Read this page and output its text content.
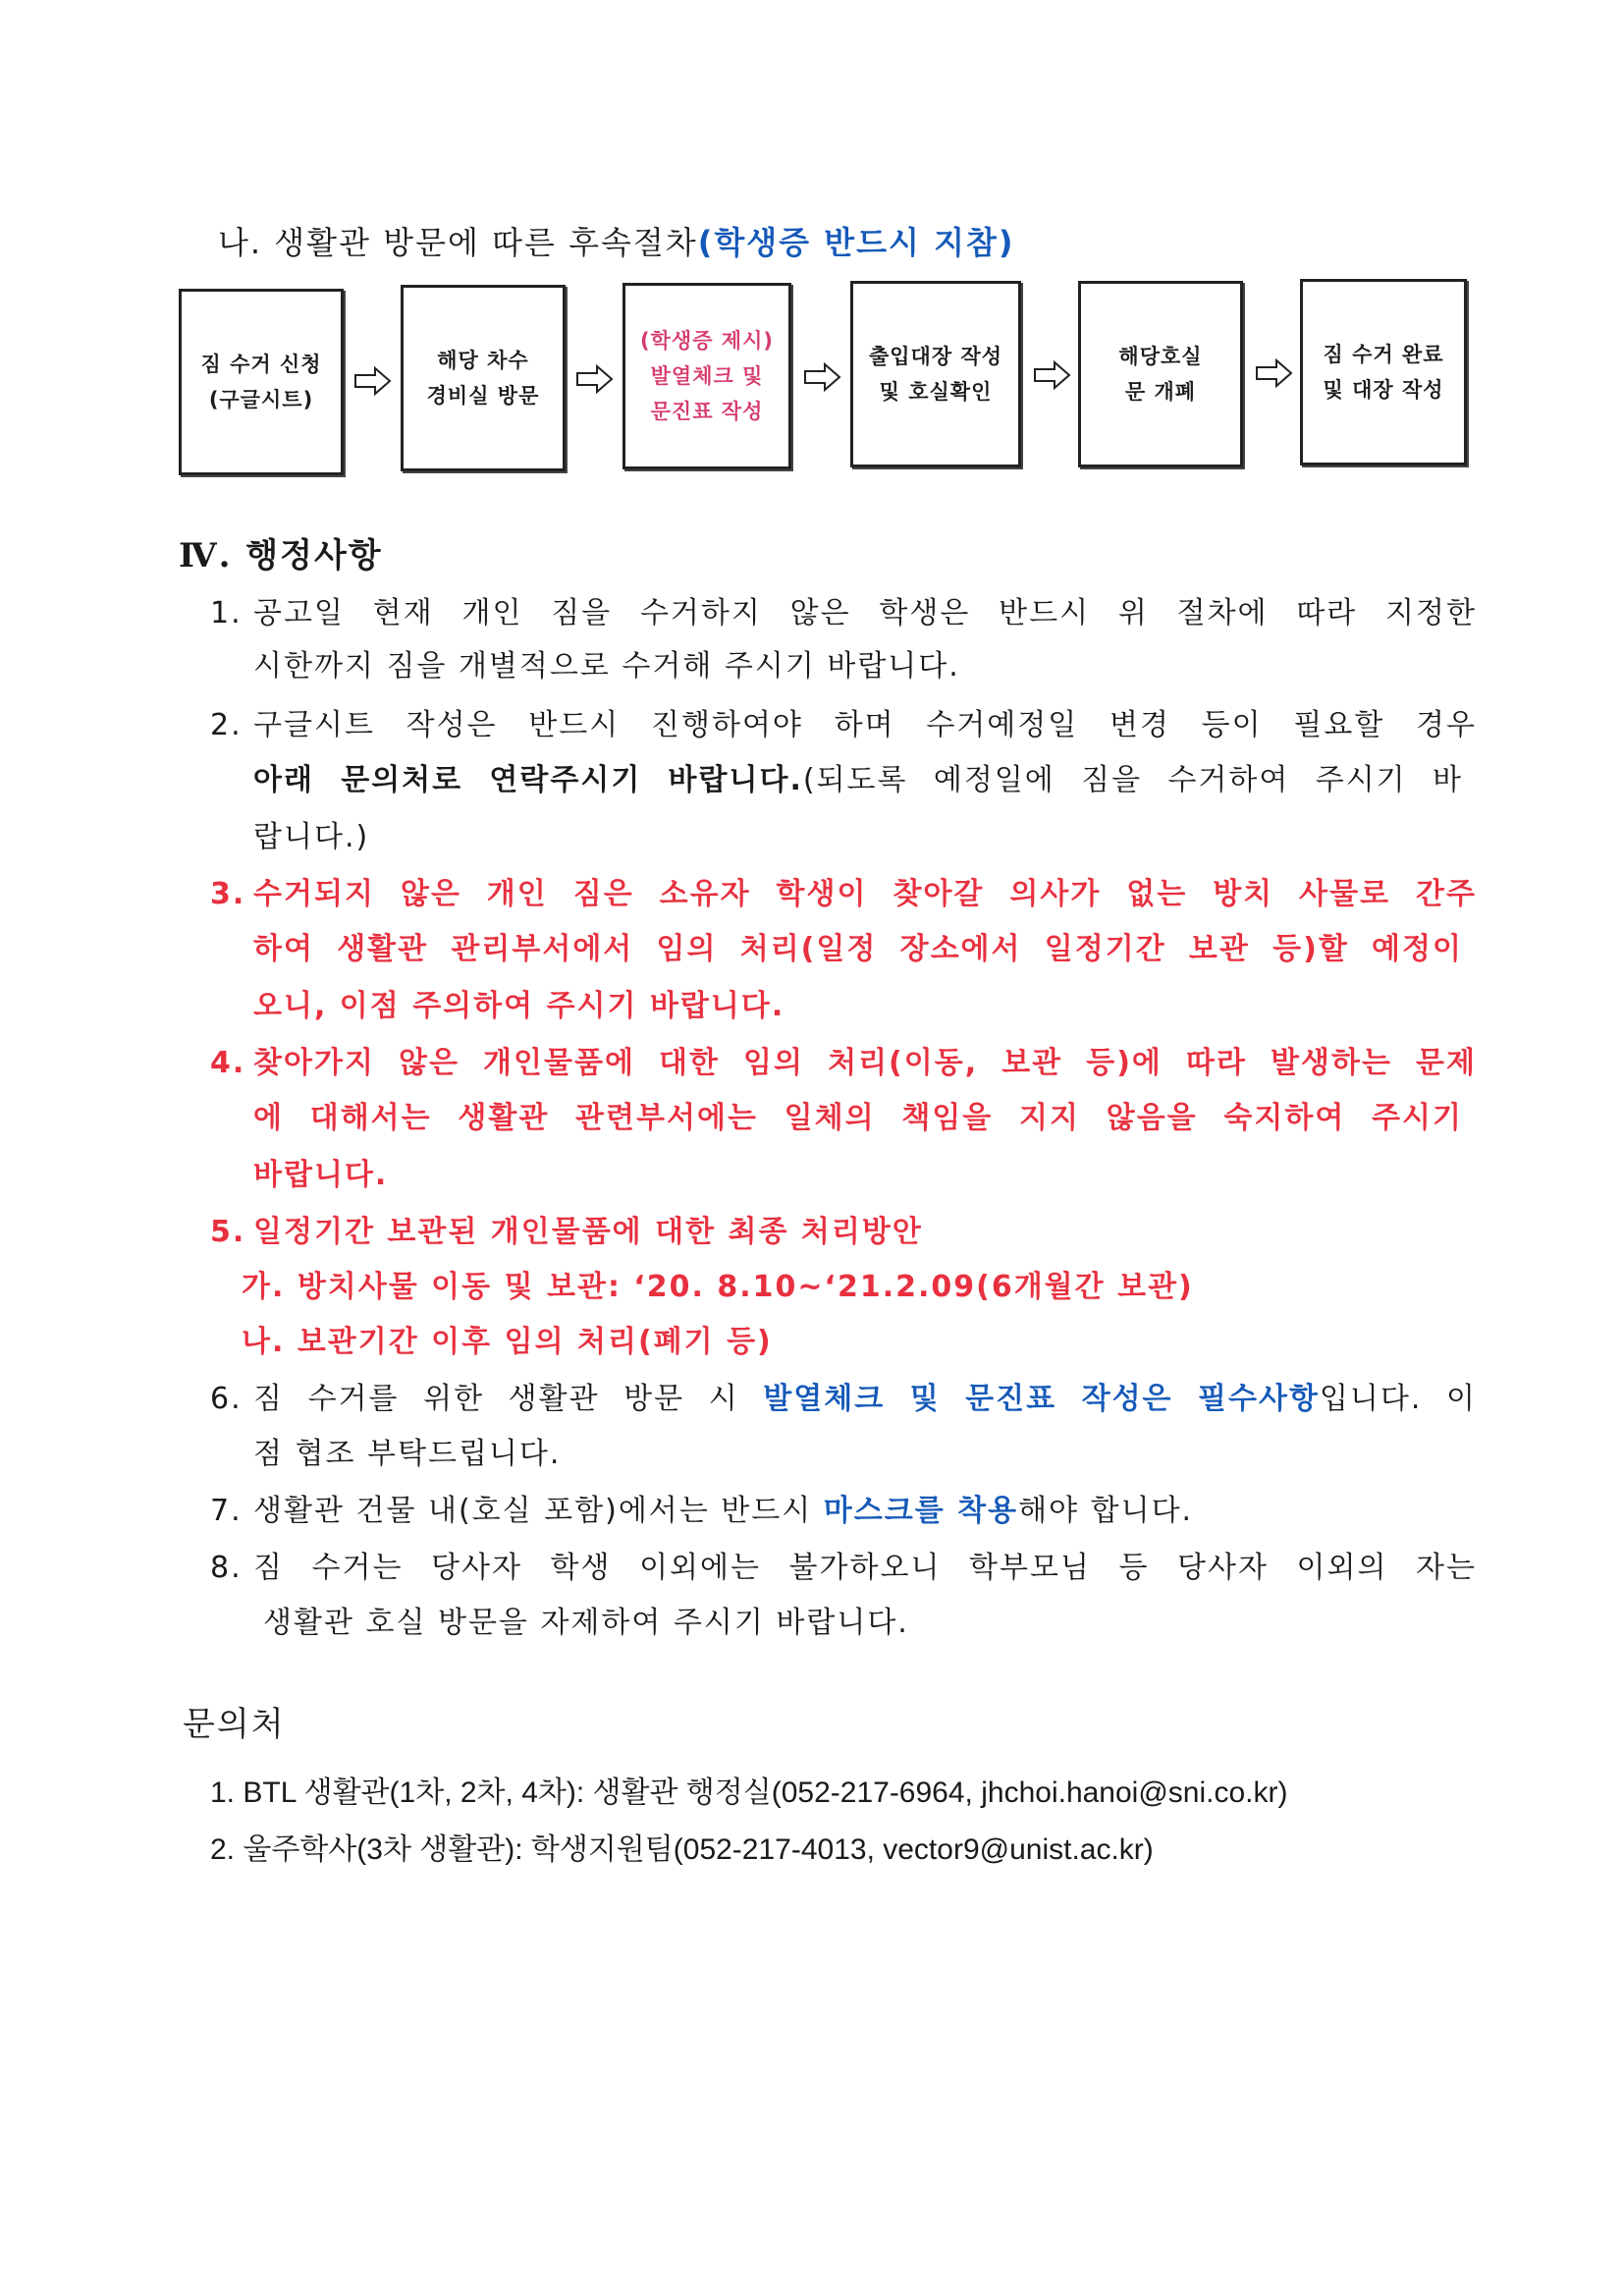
나. 생활관 방문에 따른 후속절차(학생증 반드시 지참)
짐 수거 신청
(구글시트)
해당 차수
경비실 방문
(학생증 제시)
발열체크 및
문진표 작성
출입대장 작성
및 호실확인
해당호실
문 개폐
짐 수거 완료
및 대장 작성
Ⅳ. 행정사항
1. 공고일 현재 개인 짐을 수거하지 않은 학생은 반드시 위 절차에 따라 지정한
시한까지 짐을 개별적으로 수거해 주시기 바랍니다.
2. 구글시트 작성은 반드시 진행하여야 하며 수거예정일 변경 등이 필요할 경우
아래 문의처로 연락주시기 바랍니다.(되도록 예정일에 짐을 수거하여 주시기 바
랍니다.)
3. 수거되지 않은 개인 짐은 소유자 학생이 찾아갈 의사가 없는 방치 사물로 간주
하여 생활관 관리부서에서 임의 처리(일정 장소에서 일정기간 보관 등)할 예정이
오니, 이점 주의하여 주시기 바랍니다.
4. 찾아가지 않은 개인물품에 대한 임의 처리(이동, 보관 등)에 따라 발생하는 문제
에 대해서는 생활관 관련부서에는 일체의 책임을 지지 않음을 숙지하여 주시기
바랍니다.
5. 일정기간 보관된 개인물품에 대한 최종 처리방안
가. 방치사물 이동 및 보관: ‘20. 8.10~‘21.2.09(6개월간 보관)
나. 보관기간 이후 임의 처리(폐기 등)
6. 짐 수거를 위한 생활관 방문 시 발열체크 및 문진표 작성은 필수사항입니다. 이
점 협조 부탁드립니다.
7. 생활관 건물 내(호실 포함)에서는 반드시 마스크를 착용해야 합니다.
8. 짐 수거는 당사자 학생 이외에는 불가하오니 학부모님 등 당사자 이외의 자는
생활관 호실 방문을 자제하여 주시기 바랍니다.
문의처
1. BTL 생활관(1차, 2차, 4차): 생활관 행정실(052-217-6964, jhchoi.hanoi@sni.co.kr)
2. 울주학사(3차 생활관): 학생지원팀(052-217-4013, vector9@unist.ac.kr)
